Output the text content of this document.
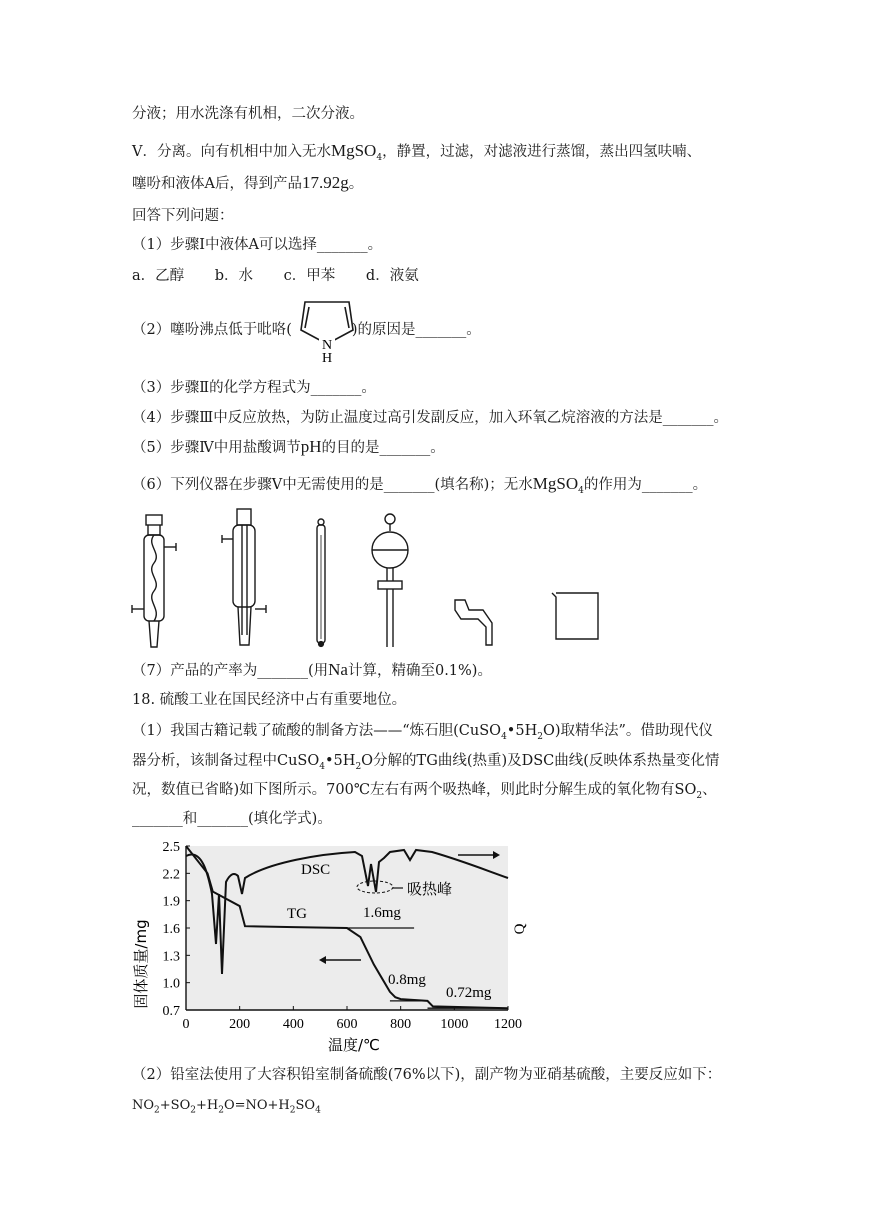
分液；用水洗涤有机相，二次分液。
V．分离。向有机相中加入无水MgSO$_4$，静置，过滤，对滤液进行蒸馏，蒸出四氢呋喃、
噻吩和液体A后，得到产品17.92g。
回答下列问题：
（1）步骤Ⅰ中液体A可以选择_______。
a．乙醇 b．水 c．甲苯 d．液氨
（2）噻吩沸点低于吡咯(	)的原因是_______。
N
H
（3）步骤Ⅱ的化学方程式为_______。
（4）步骤Ⅲ中反应放热，为防止温度过高引发副反应，加入环氧乙烷溶液的方法是_______。
（5）步骤Ⅳ中用盐酸调节pH的目的是_______。
（6）下列仪器在步骤Ⅴ中无需使用的是_______(填名称)；无水MgSO$_4$的作用为_______。
（7）产品的产率为_______(用Na计算，精确至0.1%)。
18. 硫酸工业在国民经济中占有重要地位。
（1）我国古籍记载了硫酸的制备方法——“炼石胆$(CuSO_4•5H_2O)$取精华法”。借助现代仪
器分析，该制备过程中$CuSO_4•5H_2O$分解的TG曲线(热重)及DSC曲线(反映体系热量变化情
况，数值已省略)如下图所示。700℃左右有两个吸热峰，则此时分解生成的氧化物有$SO_2$、
_______和_______(填化学式)。
2.5
2.2
1.9
1.6
1.3
1.0
0.7
0	200 400 600 800 1000 1200
DSC
TG	1.6mg
0.8mg
0.72mg
吸热峰
温度/℃
固体质量/mg	Q
（2）铅室法使用了大容积铅室制备硫酸(76%以下)，副产物为亚硝基硫酸，主要反应如下：
$NO_2+SO_2+H_2O=NO+H_2SO_4$
